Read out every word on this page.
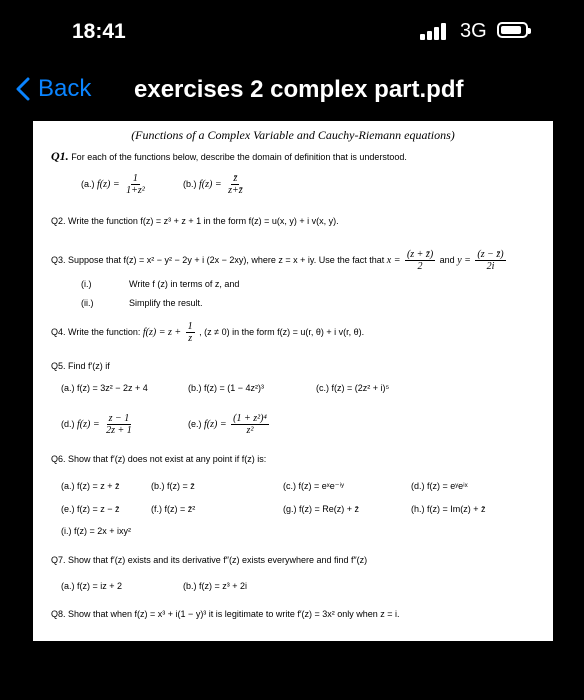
18:41	3G
Back exercises 2 complex part.pdf
(Functions of a Complex Variable and Cauchy-Riemann equations)
Q1. For each of the functions below, describe the domain of definition that is understood.
(a.) $f(z) = \frac{1}{\text{1+z²}}$	(b.) $f(z) = \frac{z̄}{z+z̄}$
Q2. Write the function f(z) = z³ + z + 1 in the form f(z) = u(x, y) + i v(x, y).
Q3. Suppose that f(z) = x² − y² − 2y + i (2x − 2xy), where z = x + iy. Use the fact that $x = \frac{(z + z̄)}{2}$ and $y = \frac{(z - z̄)}{2i}$
(i.)	Write f (z) in terms of z, and
(ii.)	Simplify the result.
Q4. Write the function: $f(z) = z + \frac{1}{z}$ , (z ≠ 0) in the form f(z) = u(r, θ) + i v(r, θ).
Q5. Find f′(z) if
(a.) f(z) = 3z² − 2z + 4	(b.) f(z) = (1 − 4z²)³	(c.) f(z) = (2z² + i)⁵
(d.) $f(z) = \frac{z - 1}{2z + 1}$	(e.) $f(z) = \frac{\text{(1 + z²)⁴}}{\text{z²}}$
Q6. Show that f′(z) does not exist at any point if f(z) is:
(a.) f(z) = z + z̄	(b.) f(z) = z̄	(c.) f(z) = eˣe⁻ⁱʸ	(d.) f(z) = eʸeⁱˣ
(e.) f(z) = z − z̄	(f.) f(z) = z̄²	(g.) f(z) = Re(z) + z̄	(h.) f(z) = Im(z) + z̄
(i.) f(z) = 2x + ixy²
Q7. Show that f′(z) exists and its derivative f″(z) exists everywhere and find f″(z)
(a.) f(z) = iz + 2	(b.) f(z) = z³ + 2i
Q8. Show that when f(z) = x³ + i(1 − y)³ it is legitimate to write f′(z) = 3x² only when z = i.
